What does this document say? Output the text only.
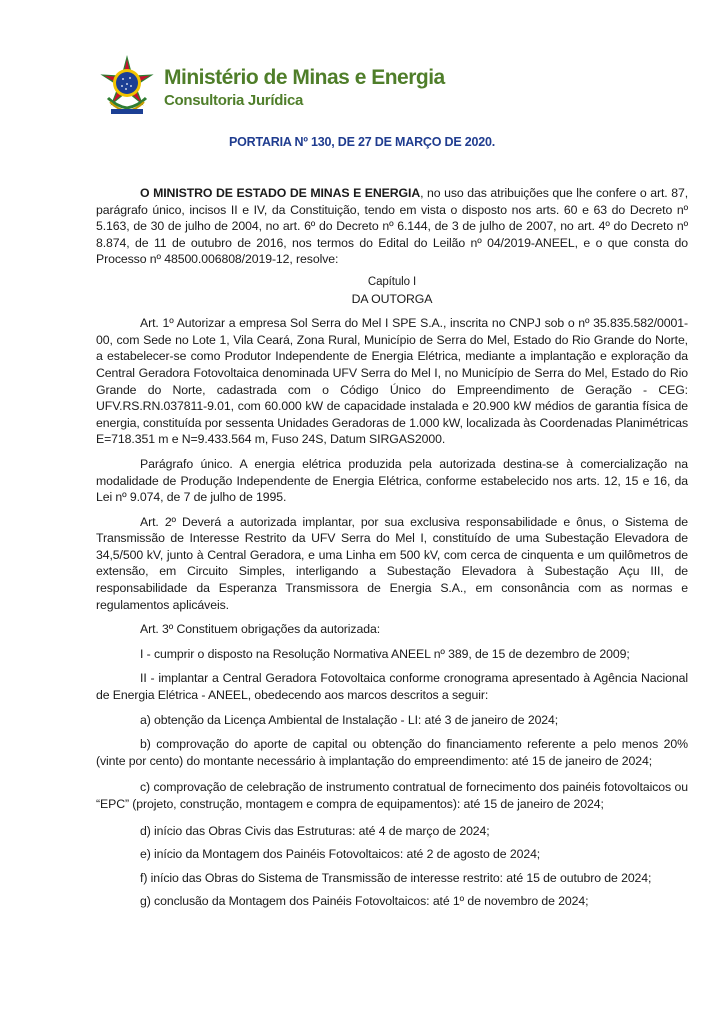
Ministério de Minas e Energia
Consultoria Jurídica
PORTARIA Nº 130, DE 27 DE MARÇO DE 2020.

O MINISTRO DE ESTADO DE MINAS E ENERGIA, no uso das atribuições que lhe confere o art. 87, parágrafo único, incisos II e IV, da Constituição, tendo em vista o disposto nos arts. 60 e 63 do Decreto nº 5.163, de 30 de julho de 2004, no art. 6º do Decreto nº 6.144, de 3 de julho de 2007, no art. 4º do Decreto nº 8.874, de 11 de outubro de 2016, nos termos do Edital do Leilão nº 04/2019-ANEEL, e o que consta do Processo nº 48500.006808/2019-12, resolve:

Capítulo I

DA OUTORGA

Art. 1º Autorizar a empresa Sol Serra do Mel I SPE S.A., inscrita no CNPJ sob o nº 35.835.582/0001-00, com Sede no Lote 1, Vila Ceará, Zona Rural, Município de Serra do Mel, Estado do Rio Grande do Norte, a estabelecer-se como Produtor Independente de Energia Elétrica, mediante a implantação e exploração da Central Geradora Fotovoltaica denominada UFV Serra do Mel I, no Município de Serra do Mel, Estado do Rio Grande do Norte, cadastrada com o Código Único do Empreendimento de Geração - CEG: UFV.RS.RN.037811-9.01, com 60.000 kW de capacidade instalada e 20.900 kW médios de garantia física de energia, constituída por sessenta Unidades Geradoras de 1.000 kW, localizada às Coordenadas Planimétricas E=718.351 m e N=9.433.564 m, Fuso 24S, Datum SIRGAS2000.

Parágrafo único. A energia elétrica produzida pela autorizada destina-se à comercialização na modalidade de Produção Independente de Energia Elétrica, conforme estabelecido nos arts. 12, 15 e 16, da Lei nº 9.074, de 7 de julho de 1995.

Art. 2º Deverá a autorizada implantar, por sua exclusiva responsabilidade e ônus, o Sistema de Transmissão de Interesse Restrito da UFV Serra do Mel I, constituído de uma Subestação Elevadora de 34,5/500 kV, junto à Central Geradora, e uma Linha em 500 kV, com cerca de cinquenta e um quilômetros de extensão, em Circuito Simples, interligando a Subestação Elevadora à Subestação Açu III, de responsabilidade da Esperanza Transmissora de Energia S.A., em consonância com as normas e regulamentos aplicáveis.

Art. 3º Constituem obrigações da autorizada:

I - cumprir o disposto na Resolução Normativa ANEEL nº 389, de 15 de dezembro de 2009;

II - implantar a Central Geradora Fotovoltaica conforme cronograma apresentado à Agência Nacional de Energia Elétrica - ANEEL, obedecendo aos marcos descritos a seguir:

a) obtenção da Licença Ambiental de Instalação - LI: até 3 de janeiro de 2024;

b) comprovação do aporte de capital ou obtenção do financiamento referente a pelo menos 20% (vinte por cento) do montante necessário à implantação do empreendimento: até 15 de janeiro de 2024;

c) comprovação de celebração de instrumento contratual de fornecimento dos painéis fotovoltaicos ou “EPC” (projeto, construção, montagem e compra de equipamentos): até 15 de janeiro de 2024;

d) início das Obras Civis das Estruturas: até 4 de março de 2024;

e) início da Montagem dos Painéis Fotovoltaicos: até 2 de agosto de 2024;

f) início das Obras do Sistema de Transmissão de interesse restrito: até 15 de outubro de 2024;

g) conclusão da Montagem dos Painéis Fotovoltaicos: até 1º de novembro de 2024;
